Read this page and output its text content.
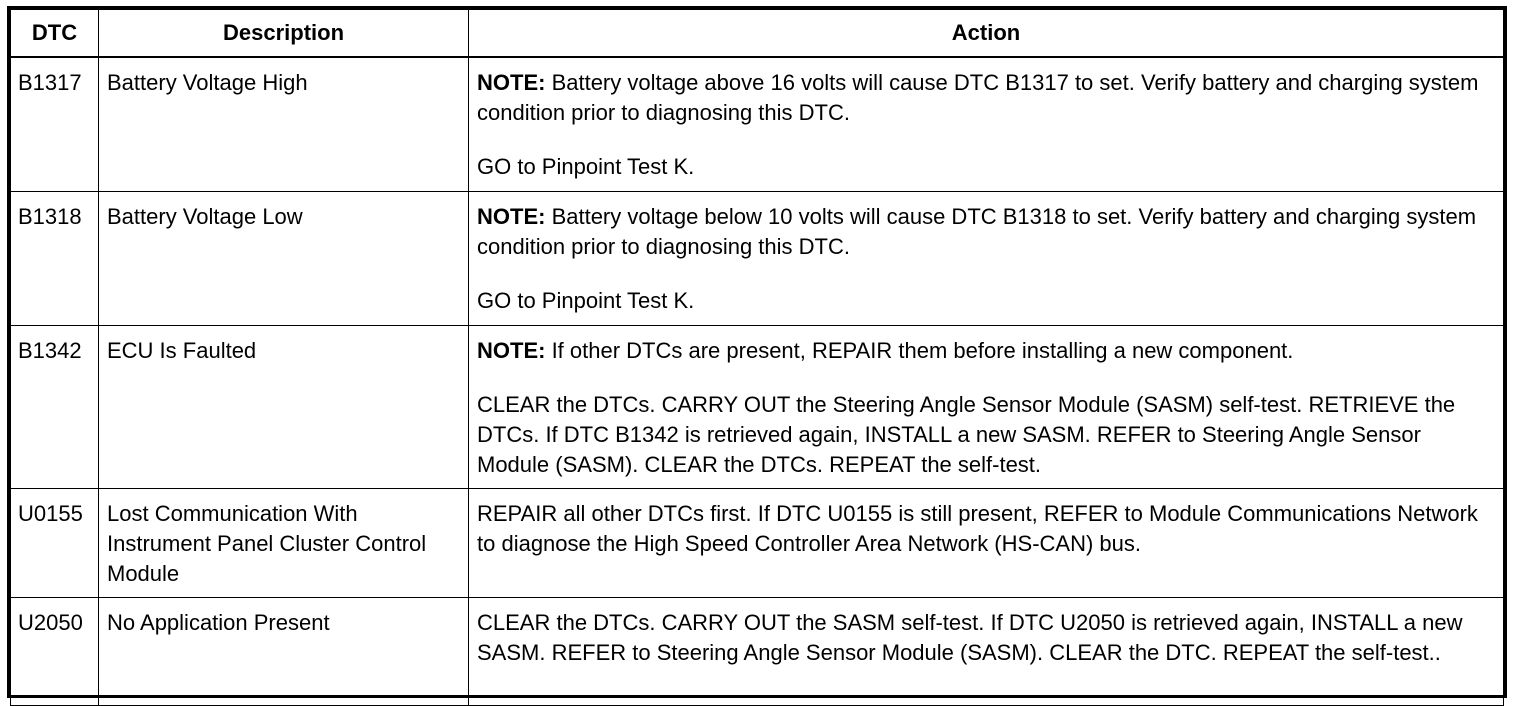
DTC	Description	Action
B1317	Battery Voltage High	NOTE: Battery voltage above 16 volts will cause DTC B1317 to set. Verify battery and charging system condition prior to diagnosing this DTC.

GO to Pinpoint Test K.

B1318	Battery Voltage Low	NOTE: Battery voltage below 10 volts will cause DTC B1318 to set. Verify battery and charging system condition prior to diagnosing this DTC.

GO to Pinpoint Test K.

B1342	ECU Is Faulted	NOTE: If other DTCs are present, REPAIR them before installing a new component.

CLEAR the DTCs. CARRY OUT the Steering Angle Sensor Module (SASM) self-test. RETRIEVE the DTCs. If DTC B1342 is retrieved again, INSTALL a new SASM. REFER to Steering Angle Sensor Module (SASM). CLEAR the DTCs. REPEAT the self-test.

U0155	Lost Communication With Instrument Panel Cluster Control Module	REPAIR all other DTCs first. If DTC U0155 is still present, REFER to Module Communications Network to diagnose the High Speed Controller Area Network (HS-CAN) bus.

U2050	No Application Present	CLEAR the DTCs. CARRY OUT the SASM self-test. If DTC U2050 is retrieved again, INSTALL a new SASM. REFER to Steering Angle Sensor Module (SASM). CLEAR the DTC. REPEAT the self-test..
